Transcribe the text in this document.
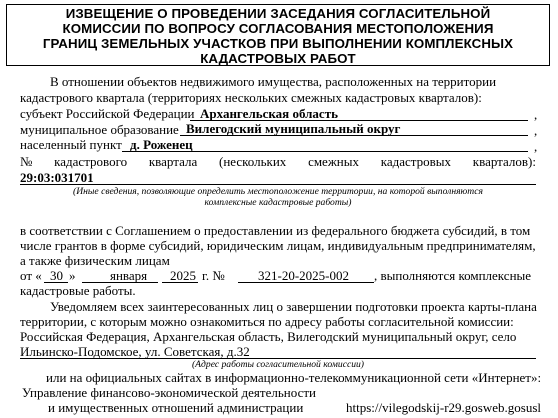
ИЗВЕЩЕНИЕ О ПРОВЕДЕНИИ ЗАСЕДАНИЯ СОГЛАСИТЕЛЬНОЙ
КОМИССИИ ПО ВОПРОСУ СОГЛАСОВАНИЯ МЕСТОПОЛОЖЕНИЯ
ГРАНИЦ ЗЕМЕЛЬНЫХ УЧАСТКОВ ПРИ ВЫПОЛНЕНИИ КОМПЛЕКСНЫХ
КАДАСТРОВЫХ РАБОТ
В отношении объектов недвижимого имущества, расположенных на территории
кадастрового квартала (территориях нескольких смежных кадастровых кварталов):
субъект Российской Федерации Архангельская область	,
муниципальное образование Вилегодский муниципальный округ	,
населенный пункт д. Роженец	,
№ кадастрового квартала (нескольких смежных кадастровых кварталов):
29:03:031701
(Иные сведения, позволяющие определить местоположение территории, на которой выполняются
комплексные кадастровые работы)
в соответствии с Соглашением о предоставлении из федерального бюджета субсидий, в том
числе грантов в форме субсидий, юридическим лицам, индивидуальным предпринимателям,
а также физическим лицам
от « 30 »	января 2025 г. №	321-20-2025-002 , выполняются комплексные
кадастровые работы.
Уведомляем всех заинтересованных лиц о завершении подготовки проекта карты-плана
территории, с которым можно ознакомиться по адресу работы согласительной комиссии:
Российская Федерация, Архангельская область, Вилегодский муниципальный округ, село
Ильинско-Подомское, ул. Советская, д.32
(Адрес работы согласительной комиссии)
или на официальных сайтах в информационно-телекоммуникационной сети «Интернет»:
Управление финансово-экономической деятельности
и имущественных отношений администрации	https://vilegodskij-r29.gosweb.gosusl
